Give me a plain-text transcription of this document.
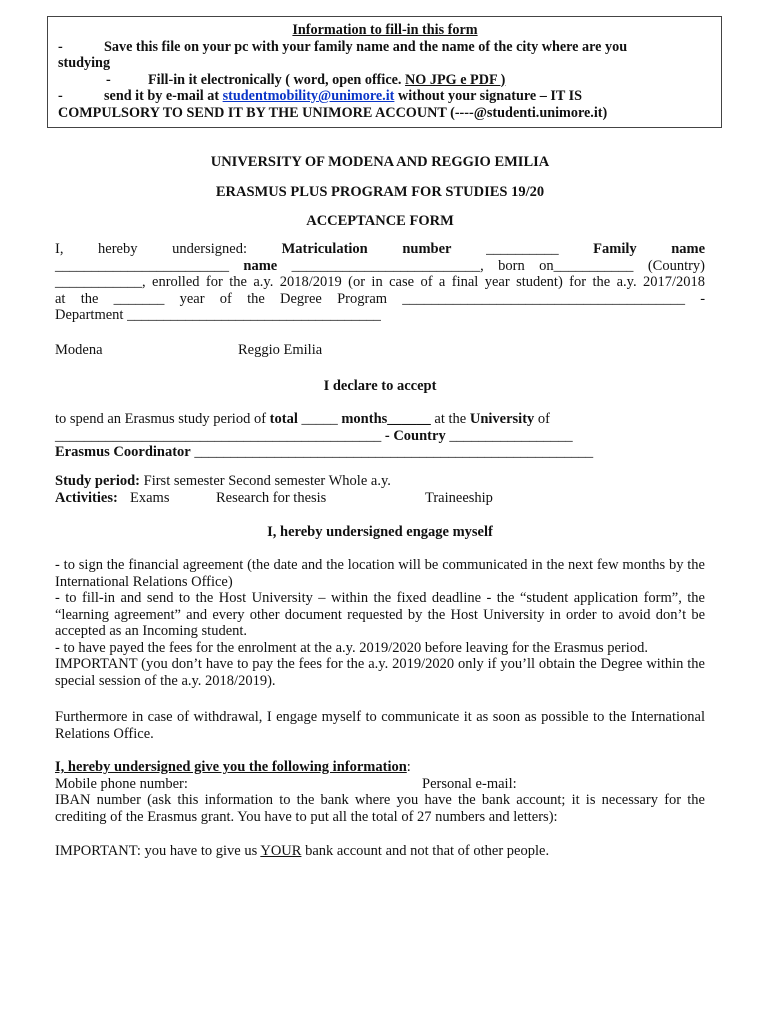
Information to fill-in this form
-	Save this file on your pc with your family name and the name of the city where are you
studying
-	Fill-in it electronically ( word, open office. NO JPG e PDF )
-	send it by e-mail at studentmobility@unimore.it without your signature – IT IS
COMPULSORY TO SEND IT BY THE UNIMORE ACCOUNT (----@studenti.unimore.it)
UNIVERSITY OF MODENA AND REGGIO EMILIA
ERASMUS PLUS PROGRAM FOR STUDIES 19/20
ACCEPTANCE FORM
I, hereby undersigned: Matriculation number __________ Family name
________________________ name __________________________, born on___________ (Country)
____________, enrolled for the a.y. 2018/2019 (or in case of a final year student) for the a.y. 2017/2018
at the _______ year of the Degree Program _______________________________________ -
Department ___________________________________
Modena	Reggio Emilia
I declare to accept
to spend an Erasmus study period of total _____ months______ at the University of
_____________________________________________ - Country _________________
Erasmus Coordinator _______________________________________________________
Study period: First semester Second semester Whole a.y.
Activities: Exams	Research for thesis	Traineeship
I, hereby undersigned engage myself
- to sign the financial agreement (the date and the location will be communicated in the next few months by the International Relations Office)
- to fill-in and send to the Host University – within the fixed deadline - the “student application form”, the “learning agreement” and every other document requested by the Host University in order to avoid don’t be accepted as an Incoming student.
- to have payed the fees for the enrolment at the a.y. 2019/2020 before leaving for the Erasmus period.
IMPORTANT (you don’t have to pay the fees for the a.y. 2019/2020 only if you’ll obtain the Degree within the special session of the a.y. 2018/2019).
Furthermore in case of withdrawal, I engage myself to communicate it as soon as possible to the International Relations Office.
I, hereby undersigned give you the following information:
Mobile phone number:	Personal e-mail:
IBAN number (ask this information to the bank where you have the bank account; it is necessary for the crediting of the Erasmus grant. You have to put all the total of 27 numbers and letters):
IMPORTANT: you have to give us YOUR bank account and not that of other people.
